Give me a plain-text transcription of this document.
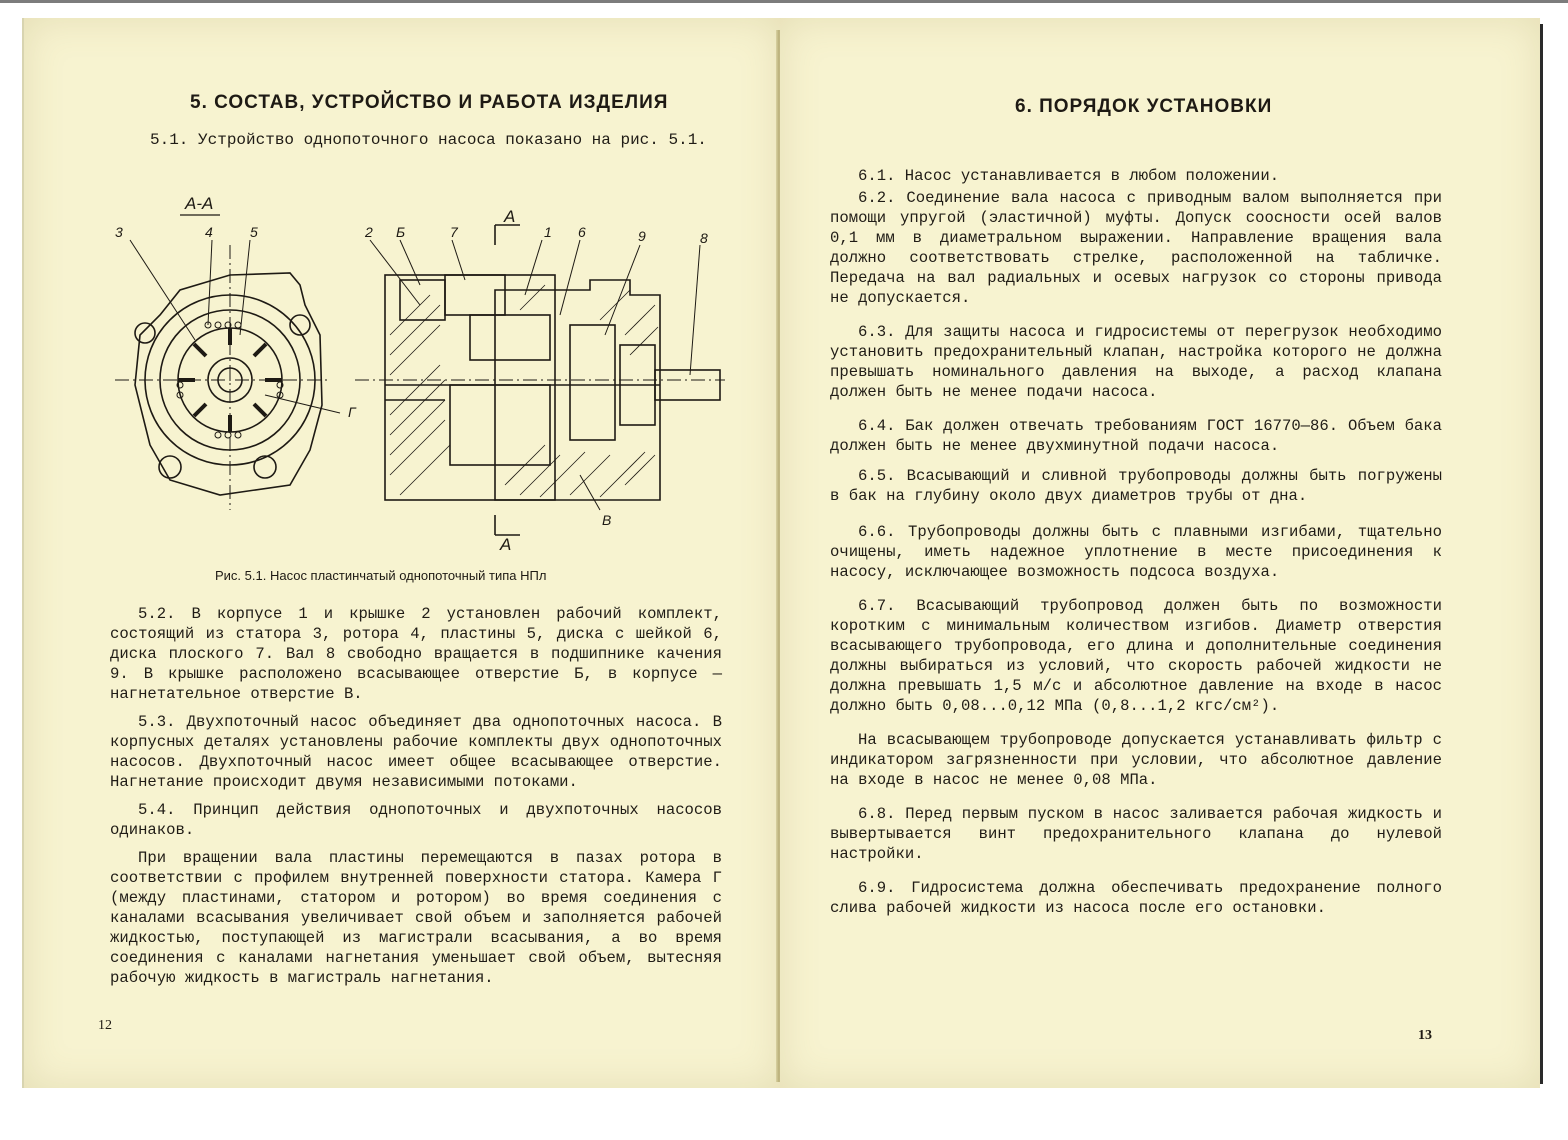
5. СОСТАВ, УСТРОЙСТВО И РАБОТА ИЗДЕЛИЯ
5.1. Устройство однопоточного насоса показано на рис. 5.1.
А-А
3	4	5
Г
2 Б	7
А
1 6	9	8
В
А

Рис. 5.1. Насос пластинчатый однопоточный типа НПл

5.2. В корпусе 1 и крышке 2 установлен рабочий комплект, состоящий из статора 3, ротора 4, пластины 5, диска с шейкой 6, диска плоского 7. Вал 8 свободно вращается в подшипнике качения 9. В крышке расположено всасывающее отверстие Б, в корпусе — нагнетательное отверстие В.

5.3. Двухпоточный насос объединяет два однопоточных насоса. В корпусных деталях установлены рабочие комплекты двух однопоточных насосов. Двухпоточный насос имеет общее всасывающее отверстие. Нагнетание происходит двумя независимыми потоками.

5.4. Принцип действия однопоточных и двухпоточных насосов одинаков.

При вращении вала пластины перемещаются в пазах ротора в соответствии с профилем внутренней поверхности статора. Камера Г (между пластинами, статором и ротором) во время соединения с каналами всасывания увеличивает свой объем и заполняется рабочей жидкостью, поступающей из магистрали всасывания, а во время соединения с каналами нагнетания уменьшает свой объем, вытесняя рабочую жидкость в магистраль нагнетания.

12

6. ПОРЯДОК УСТАНОВКИ

6.1. Насос устанавливается в любом положении.

6.2. Соединение вала насоса с приводным валом выполняется при помощи упругой (эластичной) муфты. Допуск соосности осей валов 0,1 мм в диаметральном выражении. Направление вращения вала должно соответствовать стрелке, расположенной на табличке. Передача на вал радиальных и осевых нагрузок со стороны привода не допускается.

6.3. Для защиты насоса и гидросистемы от перегрузок необходимо установить предохранительный клапан, настройка которого не должна превышать номинального давления на выходе, а расход клапана должен быть не менее подачи насоса.

6.4. Бак должен отвечать требованиям ГОСТ 16770—86. Объем бака должен быть не менее двухминутной подачи насоса.

6.5. Всасывающий и сливной трубопроводы должны быть погружены в бак на глубину около двух диаметров трубы от дна.

6.6. Трубопроводы должны быть с плавными изгибами, тщательно очищены, иметь надежное уплотнение в месте присоединения к насосу, исключающее возможность подсоса воздуха.

6.7. Всасывающий трубопровод должен быть по возможности коротким с минимальным количеством изгибов. Диаметр отверстия всасывающего трубопровода, его длина и дополнительные соединения должны выбираться из условий, что скорость рабочей жидкости не должна превышать 1,5 м/с и абсолютное давление на входе в насос должно быть 0,08...0,12 МПа (0,8...1,2 кгс/см²).

На всасывающем трубопроводе допускается устанавливать фильтр с индикатором загрязненности при условии, что абсолютное давление на входе в насос не менее 0,08 МПа.

6.8. Перед первым пуском в насос заливается рабочая жидкость и вывертывается винт предохранительного клапана до нулевой настройки.

6.9. Гидросистема должна обеспечивать предохранение полного слива рабочей жидкости из насоса после его остановки.

13
